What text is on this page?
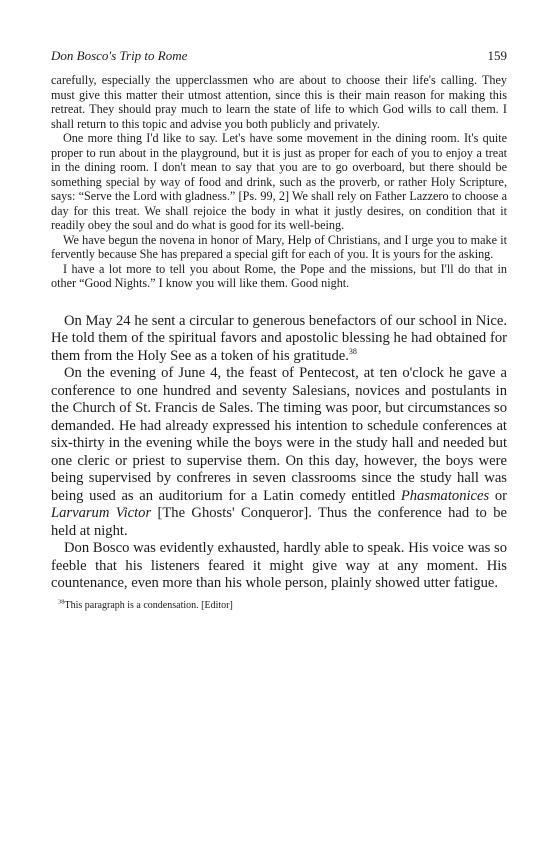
Don Bosco's Trip to Rome	159

carefully, especially the upperclassmen who are about to choose their life's calling. They must give this matter their utmost attention, since this is their main reason for making this retreat. They should pray much to learn the state of life to which God wills to call them. I shall return to this topic and advise you both publicly and privately.

One more thing I'd like to say. Let's have some movement in the dining room. It's quite proper to run about in the playground, but it is just as proper for each of you to enjoy a treat in the dining room. I don't mean to say that you are to go overboard, but there should be something special by way of food and drink, such as the proverb, or rather Holy Scripture, says: “Serve the Lord with gladness.” [Ps. 99, 2] We shall rely on Father Lazzero to choose a day for this treat. We shall rejoice the body in what it justly desires, on condition that it readily obey the soul and do what is good for its well-being.

We have begun the novena in honor of Mary, Help of Christians, and I urge you to make it fervently because She has prepared a special gift for each of you. It is yours for the asking.

I have a lot more to tell you about Rome, the Pope and the missions, but I'll do that in other “Good Nights.” I know you will like them. Good night.

On May 24 he sent a circular to generous benefactors of our school in Nice. He told them of the spiritual favors and apostolic blessing he had obtained for them from the Holy See as a token of his gratitude.$^{38}$

On the evening of June 4, the feast of Pentecost, at ten o'clock he gave a conference to one hundred and seventy Salesians, novices and postulants in the Church of St. Francis de Sales. The timing was poor, but circumstances so demanded. He had already expressed his intention to schedule conferences at six-thirty in the evening while the boys were in the study hall and needed but one cleric or priest to supervise them. On this day, however, the boys were being supervised by confreres in seven classrooms since the study hall was being used as an auditorium for a Latin comedy entitled Phasmatonices or Larvarum Victor [The Ghosts' Conqueror]. Thus the conference had to be held at night.

Don Bosco was evidently exhausted, hardly able to speak. His voice was so feeble that his listeners feared it might give way at any moment. His countenance, even more than his whole person, plainly showed utter fatigue.

$^{38}$This paragraph is a condensation. [Editor]
